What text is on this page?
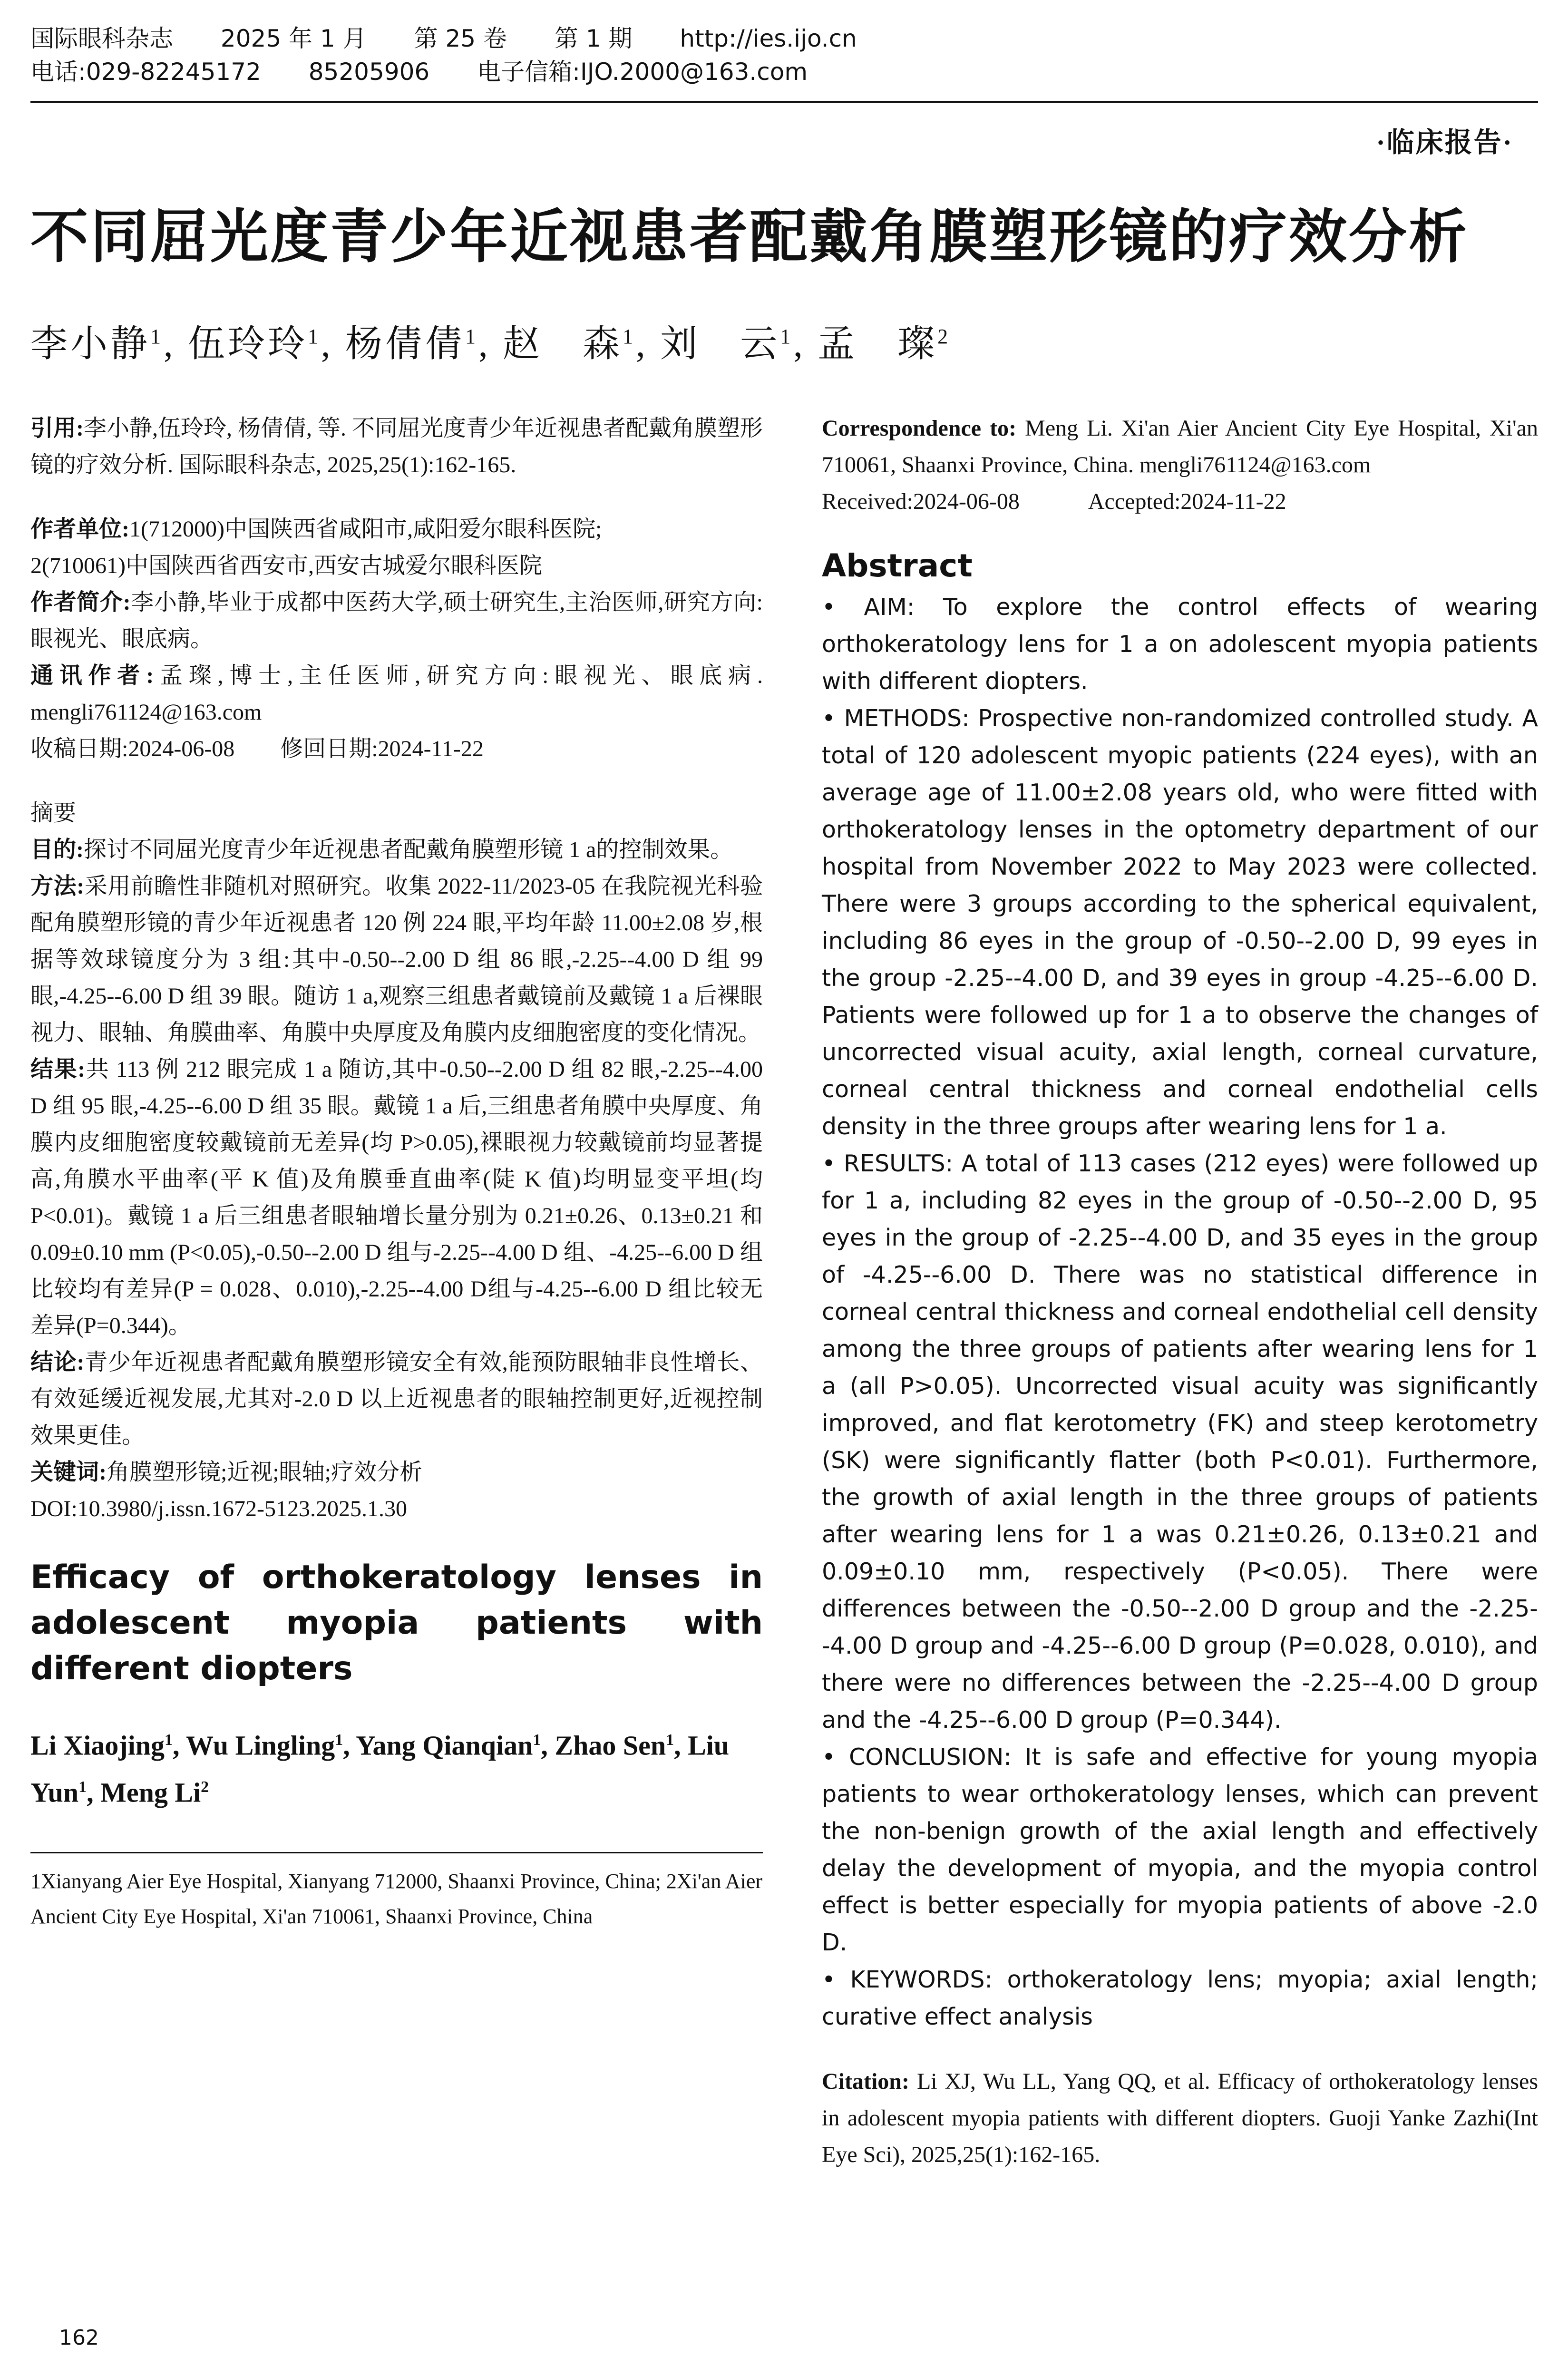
国际眼科杂志 2025 年 1 月 第 25 卷 第 1 期 http://ies.ijo.cn
电话:029-82245172 85205906 电子信箱:IJO.2000@163.com
·临床报告·
不同屈光度青少年近视患者配戴角膜塑形镜的疗效分析
李小静$^1$, 伍玲玲$^1$, 杨倩倩$^1$, 赵　森$^1$, 刘　云$^1$, 孟　璨$^2$

引用:李小静,伍玲玲, 杨倩倩, 等. 不同屈光度青少年近视患者配戴角膜塑形镜的疗效分析. 国际眼科杂志, 2025,25(1):162-165.

作者单位:1(712000)中国陕西省咸阳市,咸阳爱尔眼科医院;
2(710061)中国陕西省西安市,西安古城爱尔眼科医院

作者简介:李小静,毕业于成都中医药大学,硕士研究生,主治医师,研究方向:眼视光、眼底病。

通讯作者:孟璨,博士,主任医师,研究方向:眼视光、眼底病. mengli761124@163.com

收稿日期:2024-06-08   修回日期:2024-11-22

摘要

目的:探讨不同屈光度青少年近视患者配戴角膜塑形镜 1 a的控制效果。

方法:采用前瞻性非随机对照研究。收集 2022-11/2023-05 在我院视光科验配角膜塑形镜的青少年近视患者 120 例 224 眼,平均年龄 11.00±2.08 岁,根据等效球镜度分为 3 组:其中-0.50--2.00 D 组 86 眼,-2.25--4.00 D 组 99 眼,-4.25--6.00 D 组 39 眼。随访 1 a,观察三组患者戴镜前及戴镜 1 a 后裸眼视力、眼轴、角膜曲率、角膜中央厚度及角膜内皮细胞密度的变化情况。

结果:共 113 例 212 眼完成 1 a 随访,其中-0.50--2.00 D 组 82 眼,-2.25--4.00 D 组 95 眼,-4.25--6.00 D 组 35 眼。戴镜 1 a 后,三组患者角膜中央厚度、角膜内皮细胞密度较戴镜前无差异(均 P>0.05),裸眼视力较戴镜前均显著提高,角膜水平曲率(平 K 值)及角膜垂直曲率(陡 K 值)均明显变平坦(均 P<0.01)。戴镜 1 a 后三组患者眼轴增长量分别为 0.21±0.26、0.13±0.21 和 0.09±0.10 mm (P<0.05),-0.50--2.00 D 组与-2.25--4.00 D 组、-4.25--6.00 D 组比较均有差异(P = 0.028、0.010),-2.25--4.00 D组与-4.25--6.00 D 组比较无差异(P=0.344)。

结论:青少年近视患者配戴角膜塑形镜安全有效,能预防眼轴非良性增长、有效延缓近视发展,尤其对-2.0 D 以上近视患者的眼轴控制更好,近视控制效果更佳。

关键词:角膜塑形镜;近视;眼轴;疗效分析

DOI:10.3980/j.issn.1672-5123.2025.1.30

Efficacy of orthokeratology lenses in adolescent myopia patients with different diopters

Li Xiaojing$^1$, Wu Lingling$^1$, Yang Qianqian$^1$, Zhao Sen$^1$, Liu Yun$^1$, Meng Li$^2$

1Xianyang Aier Eye Hospital, Xianyang 712000, Shaanxi Province, China; 2Xi'an Aier Ancient City Eye Hospital, Xi'an 710061, Shaanxi Province, China

Correspondence to: Meng Li. Xi'an Aier Ancient City Eye Hospital, Xi'an 710061, Shaanxi Province, China. mengli761124@163.com

Received:2024-06-08   	Accepted:2024-11-22

Abstract

• AIM: To explore the control effects of wearing orthokeratology lens for 1 a on adolescent myopia patients with different diopters.

• METHODS: Prospective non-randomized controlled study. A total of 120 adolescent myopic patients (224 eyes), with an average age of 11.00±2.08 years old, who were fitted with orthokeratology lenses in the optometry department of our hospital from November 2022 to May 2023 were collected. There were 3 groups according to the spherical equivalent, including 86 eyes in the group of -0.50--2.00 D, 99 eyes in the group -2.25--4.00 D, and 39 eyes in group -4.25--6.00 D. Patients were followed up for 1 a to observe the changes of uncorrected visual acuity, axial length, corneal curvature, corneal central thickness and corneal endothelial cells density in the three groups after wearing lens for 1 a.

• RESULTS: A total of 113 cases (212 eyes) were followed up for 1 a, including 82 eyes in the group of -0.50--2.00 D, 95 eyes in the group of -2.25--4.00 D, and 35 eyes in the group of -4.25--6.00 D. There was no statistical difference in corneal central thickness and corneal endothelial cell density among the three groups of patients after wearing lens for 1 a (all P>0.05). Uncorrected visual acuity was significantly improved, and flat kerotometry (FK) and steep kerotometry (SK) were significantly flatter (both P<0.01). Furthermore, the growth of axial length in the three groups of patients after wearing lens for 1 a was 0.21±0.26, 0.13±0.21 and 0.09±0.10 mm, respectively (P<0.05). There were differences between the -0.50--2.00 D group and the -2.25--4.00 D group and -4.25--6.00 D group (P=0.028, 0.010), and there were no differences between the -2.25--4.00 D group and the -4.25--6.00 D group (P=0.344).

• CONCLUSION: It is safe and effective for young myopia patients to wear orthokeratology lenses, which can prevent the non-benign growth of the axial length and effectively delay the development of myopia, and the myopia control effect is better especially for myopia patients of above -2.0 D.

• KEYWORDS: orthokeratology lens; myopia; axial length; curative effect analysis

Citation: Li XJ, Wu LL, Yang QQ, et al. Efficacy of orthokeratology lenses in adolescent myopia patients with different diopters. Guoji Yanke Zazhi(Int Eye Sci), 2025,25(1):162-165.

162
